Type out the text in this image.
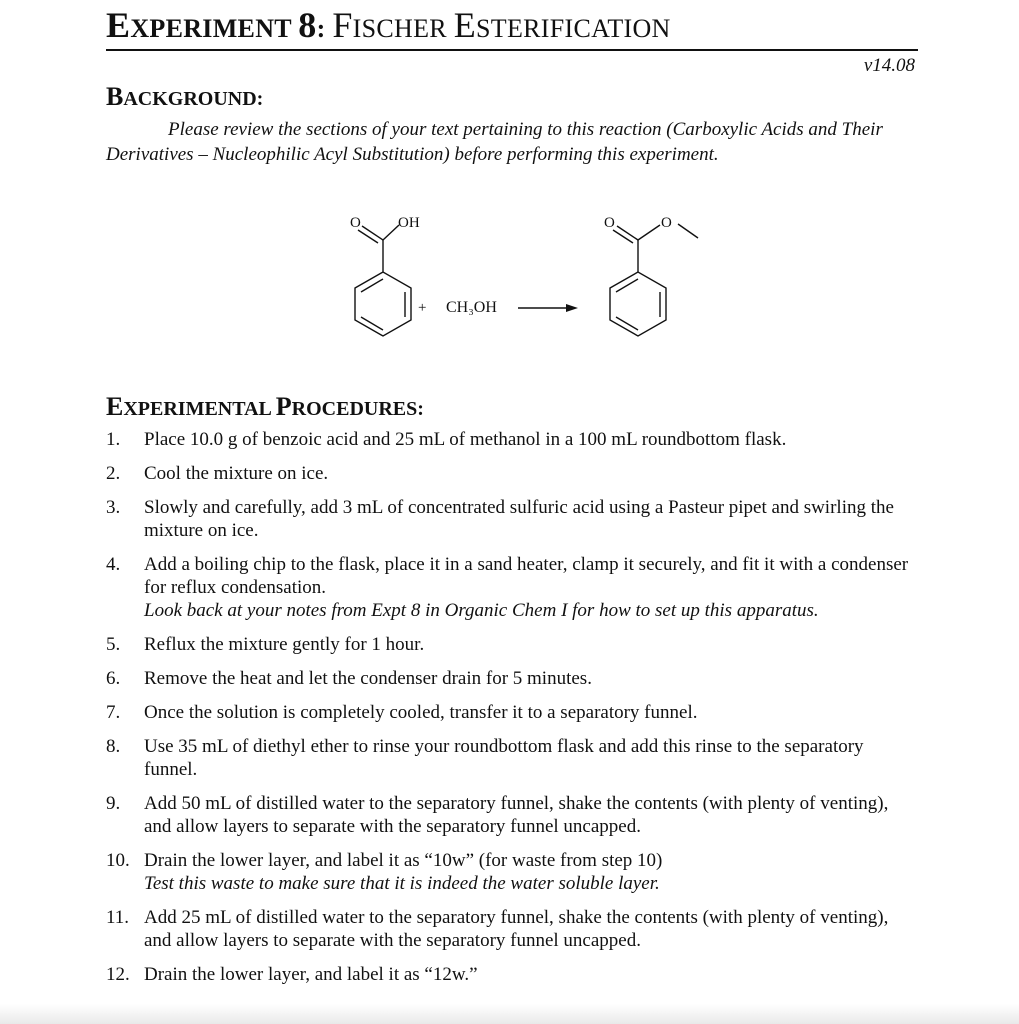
EXPERIMENT 8: FISCHER ESTERIFICATION
v14.08
BACKGROUND:
Please review the sections of your text pertaining to this reaction (Carboxylic Acids and Their Derivatives – Nucleophilic Acyl Substitution) before performing this experiment.
O OH
+ CH₃OH
O	O
EXPERIMENTAL PROCEDURES:
1. Place 10.0 g of benzoic acid and 25 mL of methanol in a 100 mL roundbottom flask.
2. Cool the mixture on ice.
3. Slowly and carefully, add 3 mL of concentrated sulfuric acid using a Pasteur pipet and swirling the mixture on ice.
4. Add a boiling chip to the flask, place it in a sand heater, clamp it securely, and fit it with a condenser for reflux condensation.
Look back at your notes from Expt 8 in Organic Chem I for how to set up this apparatus.
5. Reflux the mixture gently for 1 hour.
6. Remove the heat and let the condenser drain for 5 minutes.
7. Once the solution is completely cooled, transfer it to a separatory funnel.
8. Use 35 mL of diethyl ether to rinse your roundbottom flask and add this rinse to the separatory funnel.
9. Add 50 mL of distilled water to the separatory funnel, shake the contents (with plenty of venting), and allow layers to separate with the separatory funnel uncapped.
10. Drain the lower layer, and label it as “10w” (for waste from step 10)
Test this waste to make sure that it is indeed the water soluble layer.
11. Add 25 mL of distilled water to the separatory funnel, shake the contents (with plenty of venting), and allow layers to separate with the separatory funnel uncapped.
12. Drain the lower layer, and label it as “12w.”
